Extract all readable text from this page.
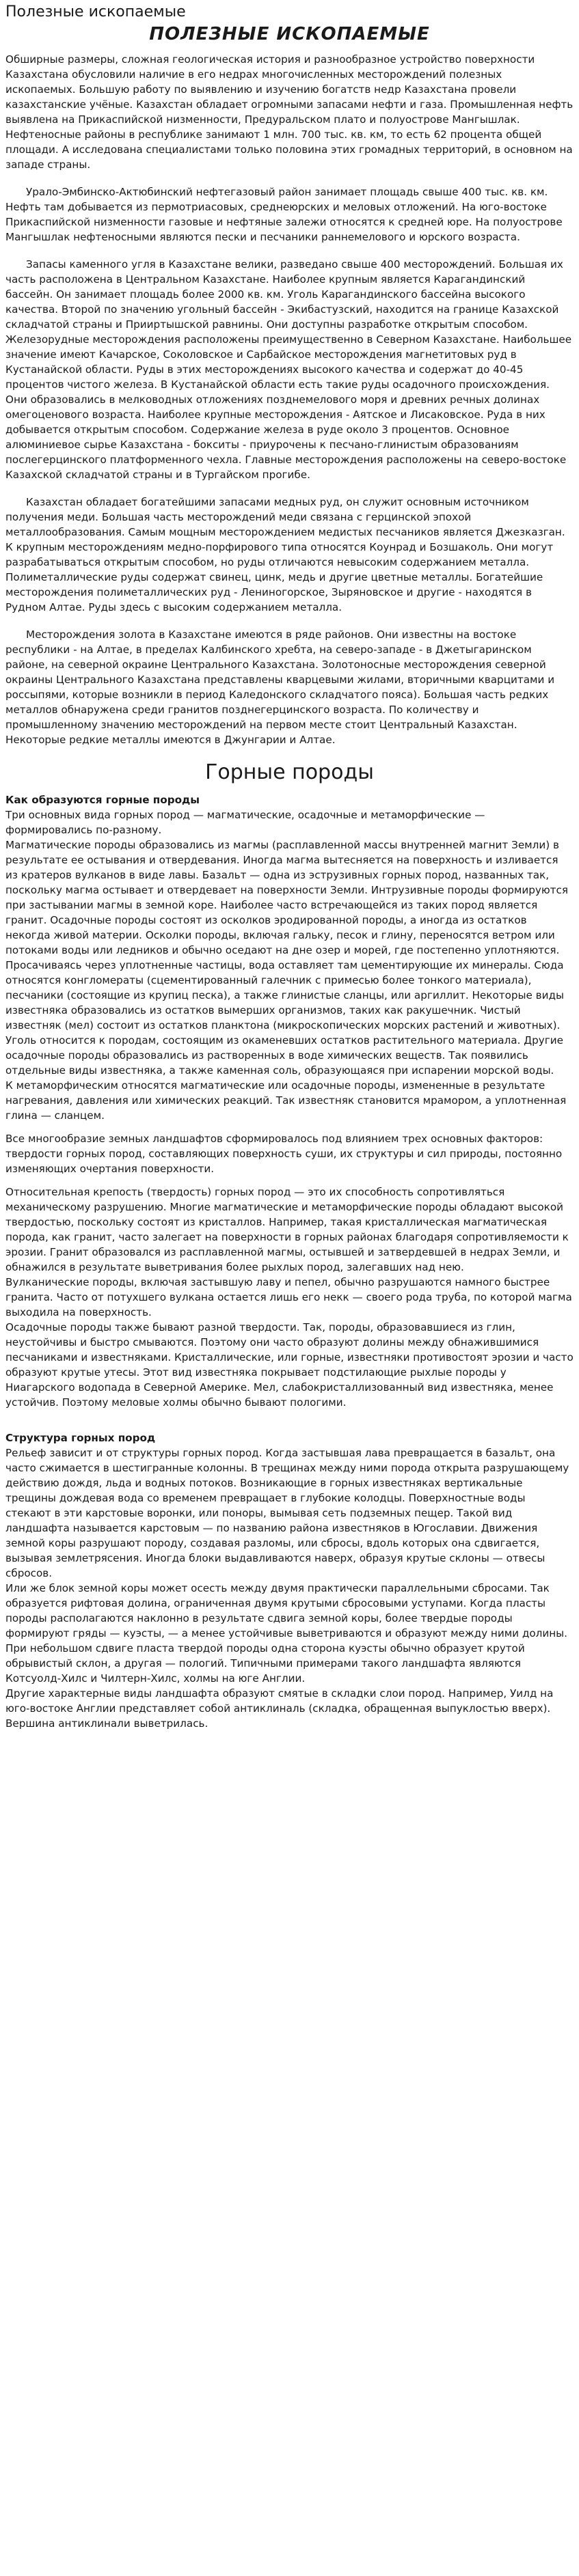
Полезные ископаемые
ПОЛЕЗНЫЕ ИСКОПАЕМЫЕ

Обширные размеры, сложная геологическая история и разнообразное устройство поверхности Казахстана обусловили наличие в его недрах многочисленных месторождений полезных ископаемых. Большую работу по выявлению и изучению богатств недр Казахстана провели казахстанские учёные. Казахстан обладает огромными запасами нефти и газа. Промышленная нефть выявлена на Прикаспийской низменности, Предуральском плато и полуострове Мангышлак. Нефтеносные районы в республике занимают 1 млн. 700 тыс. кв. км, то есть 62 процента общей площади. А исследована специалистами только половина этих громадных территорий, в основном на западе страны.

Урало-Эмбинско-Актюбинский нефтегазовый район занимает площадь свыше 400 тыс. кв. км. Нефть там добывается из пермотриасовых, среднеюрских и меловых отложений. На юго-востоке Прикаспийской низменности газовые и нефтяные залежи относятся к средней юре. На полуострове Мангышлак нефтеносными являются пески и песчаники раннемелового и юрского возраста.

Запасы каменного угля в Казахстане велики, разведано свыше 400 месторождений. Большая их часть расположена в Центральном Казахстане. Наиболее крупным является Карагандинский бассейн. Он занимает площадь более 2000 кв. км. Уголь Карагандинского бассейна высокого качества. Второй по значению угольный бассейн - Экибастузский, находится на границе Казахской складчатой страны и Прииртышской равнины. Они доступны разработке открытым способом. Железорудные месторождения расположены преимущественно в Северном Казахстане. Наибольшее значение имеют Качарское, Соколовское и Сарбайское месторождения магнетитовых руд в Кустанайской области. Руды в этих месторождениях высокого качества и содержат до 40-45 процентов чистого железа. В Кустанайской области есть такие руды осадочного происхождения. Они образовались в мелководных отложениях позднемелового моря и древних речных долинах омегоценового возраста. Наиболее крупные месторождения - Аятское и Лисаковское. Руда в них добывается открытым способом. Содержание железа в руде около 3 процентов. Основное алюминиевое сырье Казахстана - бокситы - приурочены к песчано-глинистым образованиям послегерцинского платформенного чехла. Главные месторождения расположены на северо-востоке Казахской складчатой страны и в Тургайском прогибе.

Казахстан обладает богатейшими запасами медных руд, он служит основным источником получения меди. Большая часть месторождений меди связана с герцинской эпохой металлообразования. Самым мощным месторождением медистых песчаников является Джезказган. К крупным месторождениям медно-порфирового типа относятся Коунрад и Бозшаколь. Они могут разрабатываться открытым способом, но руды отличаются невысоким содержанием металла. Полиметаллические руды содержат свинец, цинк, медь и другие цветные металлы. Богатейшие месторождения полиметаллических руд - Лениногорское, Зыряновское и другие - находятся в Рудном Алтае. Руды здесь с высоким содержанием металла.

Месторождения золота в Казахстане имеются в ряде районов. Они известны на востоке республики - на Алтае, в пределах Калбинского хребта, на северо-западе - в Джетыгаринском районе, на северной окраине Центрального Казахстана. Золотоносные месторождения северной окраины Центрального Казахстана представлены кварцевыми жилами, вторичными кварцитами и россыпями, которые возникли в период Каледонского складчатого пояса). Большая часть редких металлов обнаружена среди гранитов позднегерцинского возраста. По количеству и промышленному значению месторождений на первом месте стоит Центральный Казахстан. Некоторые редкие металлы имеются в Джунгарии и Алтае.

Горные породы
Как образуются горные породы
Три основных вида горных пород — магматические, осадочные и метаморфические — формировались по-разному.
Магматические породы образовались из магмы (расплавленной массы внутренней магнит Земли) в результате ее остывания и отвердевания. Иногда магма вытесняется на поверхность и изливается из кратеров вулканов в виде лавы. Базальт — одна из эструзивных горных пород, названных так, поскольку магма остывает и отвердевает на поверхности Земли. Интрузивные породы формируются при застывании магмы в земной коре. Наиболее часто встречающейся из таких пород является гранит. Осадочные породы состоят из осколков эродированной породы, а иногда из остатков некогда живой материи. Осколки породы, включая гальку, песок и глину, переносятся ветром или потоками воды или ледников и обычно оседают на дне озер и морей, где постепенно уплотняются. Просачиваясь через уплотненные частицы, вода оставляет там цементирующие их минералы. Сюда относятся конгломераты (сцементированный галечник с примесью более тонкого материала), песчаники (состоящие из крупиц песка), а также глинистые сланцы, или аргиллит. Некоторые виды известняка образовались из остатков вымерших организмов, таких как ракушечник. Чистый известняк (мел) состоит из остатков планктона (микроскопических морских растений и животных). Уголь относится к породам, состоящим из окаменевших остатков растительного материала. Другие осадочные породы образовались из растворенных в воде химических веществ. Так появились отдельные виды известняка, а также каменная соль, образующаяся при испарении морской воды.
К метаморфическим относятся магматические или осадочные породы, измененные в результате нагревания, давления или химических реакций. Так известняк становится мрамором, а уплотненная глина — сланцем.
Все многообразие земных ландшафтов сформировалось под влиянием трех основных факторов: твердости горных пород, составляющих поверхность суши, их структуры и сил природы, постоянно изменяющих очертания поверхности.
Относительная крепость (твердость) горных пород — это их способность сопротивляться механическому разрушению. Многие магматические и метаморфические породы обладают высокой твердостью, поскольку состоят из кристаллов. Например, такая кристаллическая магматическая порода, как гранит, часто залегает на поверхности в горных районах благодаря сопротивляемости к эрозии. Гранит образовался из расплавленной магмы, остывшей и затвердевшей в недрах Земли, и обнажился в результате выветривания более рыхлых пород, залегавших над нею.
Вулканические породы, включая застывшую лаву и пепел, обычно разрушаются намного быстрее гранита. Часто от потухшего вулкана остается лишь его некк — своего рода труба, по которой магма выходила на поверхность.
Осадочные породы также бывают разной твердости. Так, породы, образовавшиеся из глин, неустойчивы и быстро смываются. Поэтому они часто образуют долины между обнажившимися песчаниками и известняками. Кристаллические, или горные, известняки противостоят эрозии и часто образуют крутые утесы. Этот вид известняка покрывает подстилающие рыхлые породы у Ниагарского водопада в Северной Америке. Мел, слабокристаллизованный вид известняка, менее устойчив. Поэтому меловые холмы обычно бывают пологими.
Структура горных пород
Рельеф зависит и от структуры горных пород. Когда застывшая лава превращается в базальт, она часто сжимается в шестигранные колонны. В трещинах между ними порода открыта разрушающему действию дождя, льда и водных потоков. Возникающие в горных известняках вертикальные трещины дождевая вода со временем превращает в глубокие колодцы. Поверхностные воды стекают в эти карстовые воронки, или поноры, вымывая сеть подземных пещер. Такой вид ландшафта называется карстовым — по названию района известняков в Югославии. Движения земной коры разрушают породу, создавая разломы, или сбросы, вдоль которых она сдвигается, вызывая землетрясения. Иногда блоки выдавливаются наверх, образуя крутые склоны — отвесы сбросов.
Или же блок земной коры может осесть между двумя практически параллельными сбросами. Так образуется рифтовая долина, ограниченная двумя крутыми сбросовыми уступами. Когда пласты породы располагаются наклонно в результате сдвига земной коры, более твердые породы формируют гряды — куэсты, — а менее устойчивые выветриваются и образуют между ними долины. При небольшом сдвиге пласта твердой породы одна сторона куэсты обычно образует крутой обрывистый склон, а другая — пологий. Типичными примерами такого ландшафта являются Котсуолд-Хилс и Чилтерн-Хилс, холмы на юге Англии.
Другие характерные виды ландшафта образуют смятые в складки слои пород. Например, Уилд на юго-востоке Англии представляет собой антиклиналь (складка, обращенная выпуклостью вверх). Вершина антиклинали выветрилась.
